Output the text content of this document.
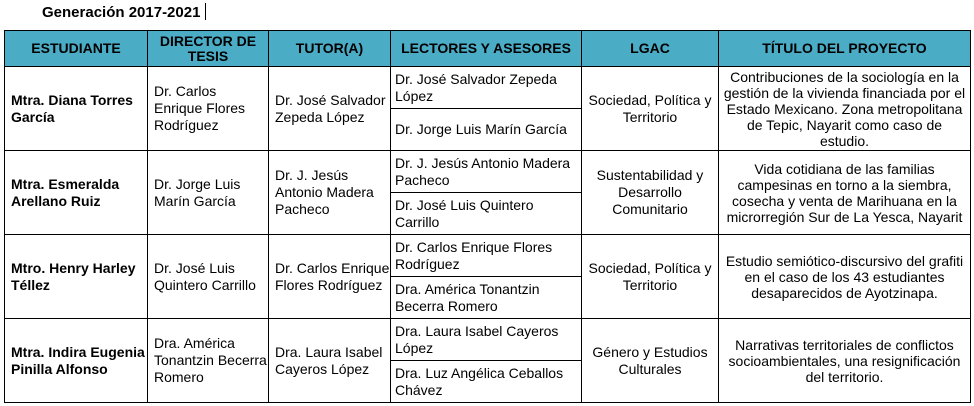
Generación 2017-2021
ESTUDIANTE	DIRECTOR DE TESIS	TUTOR(A)	LECTORES Y ASESORES	LGAC	TÍTULO DEL PROYECTO
Mtra. Diana Torres García	Dr. Carlos Enrique Flores Rodríguez	Dr. José Salvador Zepeda López	Dr. José Salvador Zepeda López	Sociedad, Política y Territorio	Contribuciones de la sociología en la gestión de la vivienda financiada por el Estado Mexicano. Zona metropolitana de Tepic, Nayarit como caso de estudio.
			Dr. Jorge Luis Marín García		
Mtra. Esmeralda Arellano Ruiz	Dr. Jorge Luis Marín García	Dr. J. Jesús Antonio Madera Pacheco	Dr. J. Jesús Antonio Madera Pacheco	Sustentabilidad y Desarrollo Comunitario	Vida cotidiana de las familias campesinas en torno a la siembra, cosecha y venta de Marihuana en la microrregión Sur de La Yesca, Nayarit
			Dr. José Luis Quintero Carrillo		
Mtro. Henry Harley Téllez	Dr. José Luis Quintero Carrillo	Dr. Carlos Enrique Flores Rodríguez	Dr. Carlos Enrique Flores Rodríguez	Sociedad, Política y Territorio	Estudio semiótico-discursivo del grafiti en el caso de los 43 estudiantes desaparecidos de Ayotzinapa.
			Dra. América Tonantzin Becerra Romero		
Mtra. Indira Eugenia Pinilla Alfonso	Dra. América Tonantzin Becerra Romero	Dra. Laura Isabel Cayeros López	Dra. Laura Isabel Cayeros López	Género y Estudios Culturales	Narrativas territoriales de conflictos socioambientales, una resignificación del territorio.
			Dra. Luz Angélica Ceballos Chávez		
